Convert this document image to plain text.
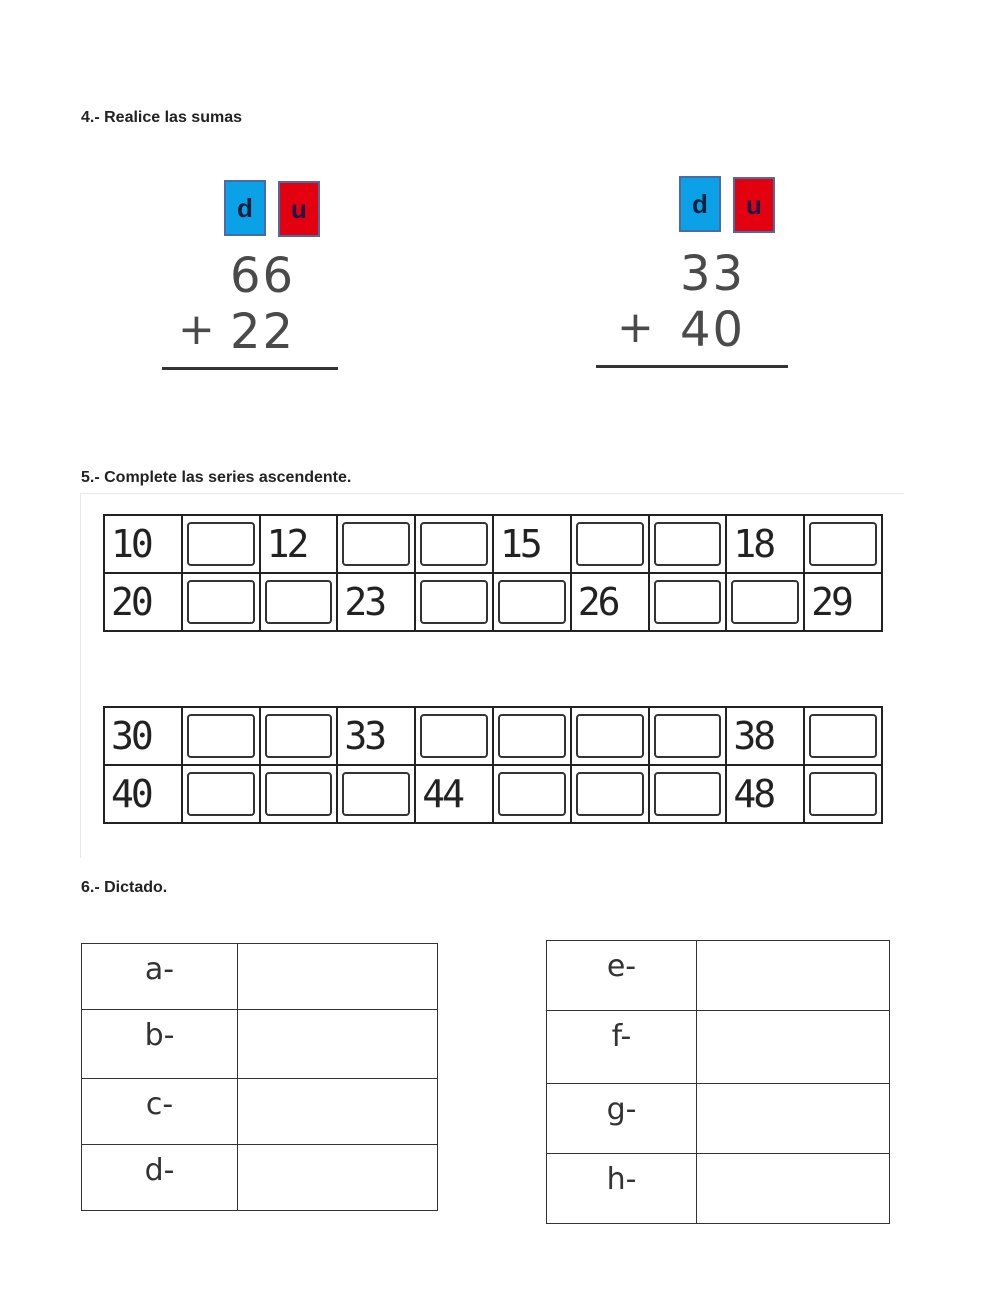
4.- Realice las sumas
d	u
66
+ 22
d	u
33
+ 40
5.- Complete las series ascendente.
10		12			15			18	

20			23			26			29
30			33					38	

40				44				48	
6.- Dictado.
a-	

b-	

c-	

d-	

e-	

f-	

g-	

h-	
